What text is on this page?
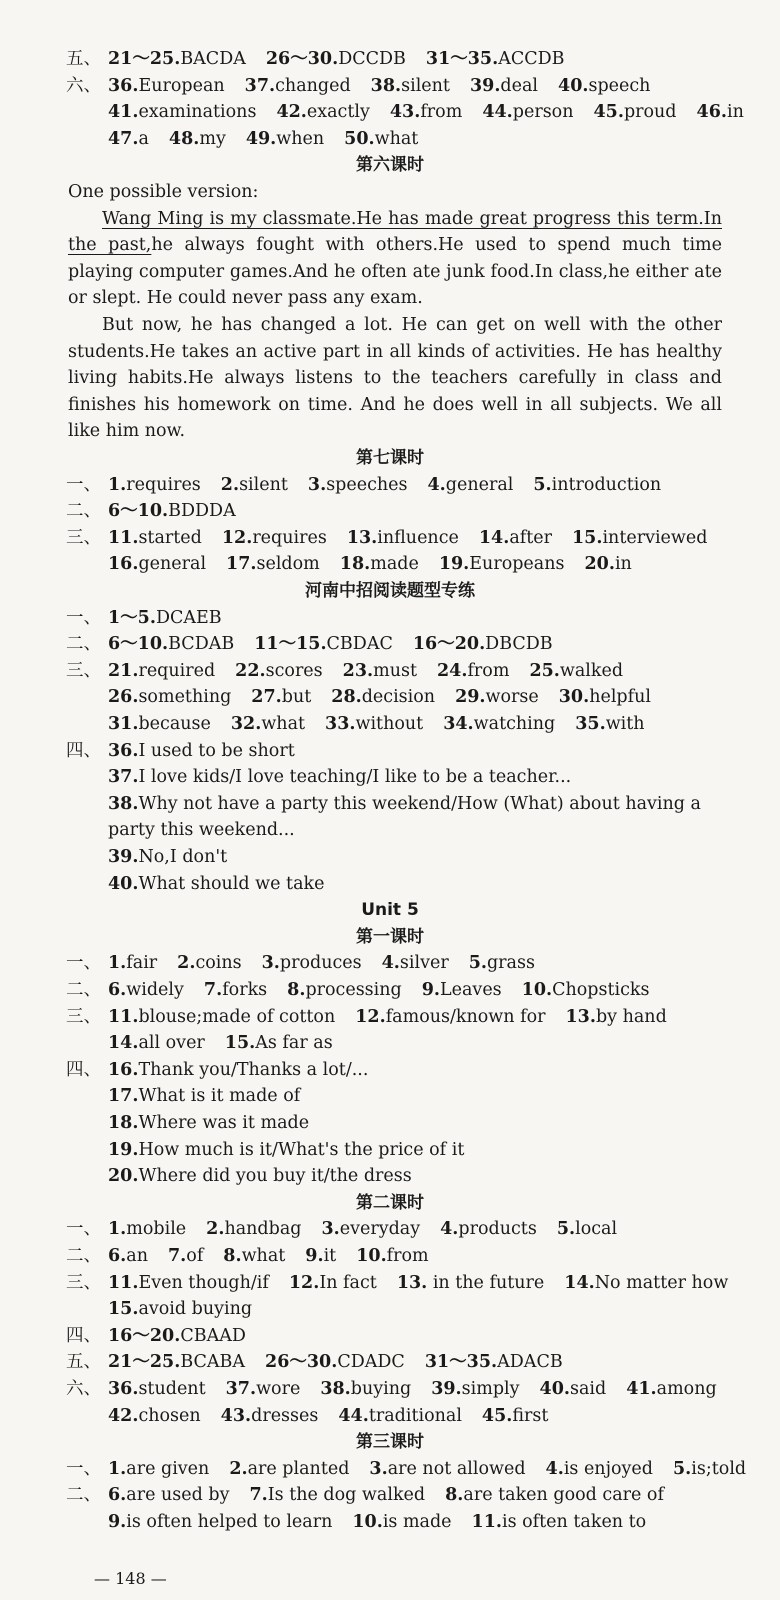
五、 21～25.BACDA 26～30.DCCDB 31～35.ACCDB
六、 36.European 37.changed 38.silent 39.deal 40.speech
41.examinations 42.exactly 43.from 44.person 45.proud 46.in
47.a 48.my 49.when 50.what
第六课时
One possible version:

Wang Ming is my classmate.He has made great progress this term.In the past,he always fought with others.He used to spend much time playing computer games.And he often ate junk food.In class,he either ate or slept. He could never pass any exam.

But now, he has changed a lot. He can get on well with the other students.He takes an active part in all kinds of activities. He has healthy living habits.He always listens to the teachers carefully in class and finishes his homework on time. And he does well in all subjects. We all like him now.

第七课时
一、 1.requires 2.silent 3.speeches 4.general 5.introduction
二、 6～10.BDDDA
三、 11.started 12.requires 13.influence 14.after 15.interviewed
16.general 17.seldom 18.made 19.Europeans 20.in
河南中招阅读题型专练
一、 1～5.DCAEB
二、 6～10.BCDAB 11～15.CBDAC 16～20.DBCDB
三、 21.required 22.scores 23.must 24.from 25.walked
26.something 27.but 28.decision 29.worse 30.helpful
31.because 32.what 33.without 34.watching 35.with
四、 36.I used to be short
37.I love kids/I love teaching/I like to be a teacher...
38.Why not have a party this weekend/How (What) about having a
party this weekend...
39.No,I don't
40.What should we take
Unit 5
第一课时
一、 1.fair 2.coins 3.produces 4.silver 5.grass
二、 6.widely 7.forks 8.processing 9.Leaves 10.Chopsticks
三、 11.blouse;made of cotton 12.famous/known for 13.by hand
14.all over 15.As far as
四、 16.Thank you/Thanks a lot/...
17.What is it made of
18.Where was it made
19.How much is it/What's the price of it
20.Where did you buy it/the dress
第二课时
一、 1.mobile 2.handbag 3.everyday 4.products 5.local
二、 6.an 7.of 8.what 9.it 10.from
三、 11.Even though/if 12.In fact 13. in the future 14.No matter how
15.avoid buying
四、 16～20.CBAAD
五、 21～25.BCABA 26～30.CDADC 31～35.ADACB
六、 36.student 37.wore 38.buying 39.simply 40.said 41.among
42.chosen 43.dresses 44.traditional 45.first
第三课时
一、 1.are given 2.are planted 3.are not allowed 4.is enjoyed 5.is;told
二、 6.are used by 7.Is the dog walked 8.are taken good care of
9.is often helped to learn 10.is made 11.is often taken to
— 148 —
